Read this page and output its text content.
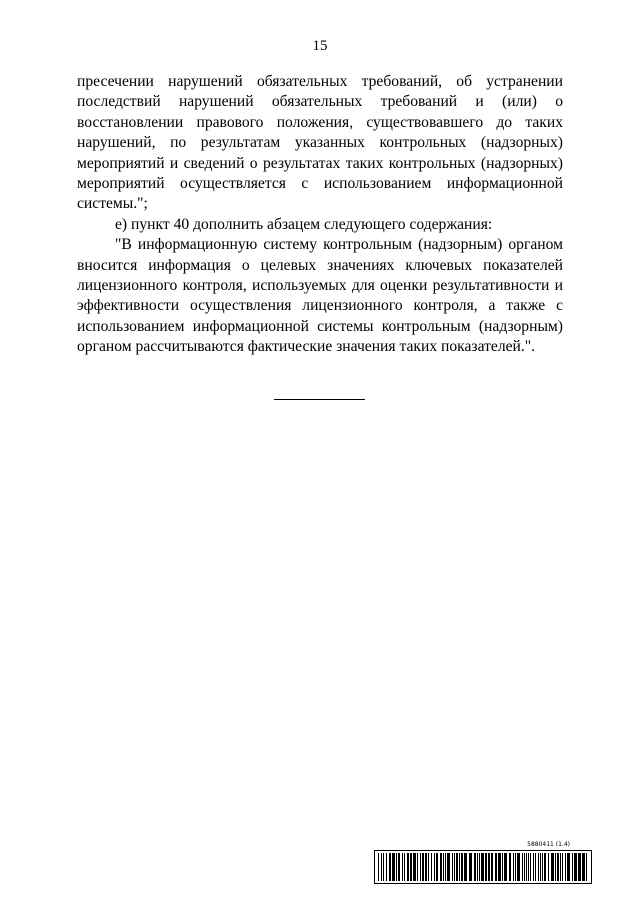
15

пресечении нарушений обязательных требований, об устранении последствий нарушений обязательных требований и (или) о восстановлении правового положения, существовавшего до таких нарушений, по результатам указанных контрольных (надзорных) мероприятий и сведений о результатах таких контрольных (надзорных) мероприятий осуществляется с использованием информационной системы.";

е) пункт 40 дополнить абзацем следующего содержания:

"В информационную систему контрольным (надзорным) органом вносится информация о целевых значениях ключевых показателей лицензионного контроля, используемых для оценки результативности и эффективности осуществления лицензионного контроля, а также с использованием информационной системы контрольным (надзорным) органом рассчитываются фактические значения таких показателей.".

5880411 (1.4)
